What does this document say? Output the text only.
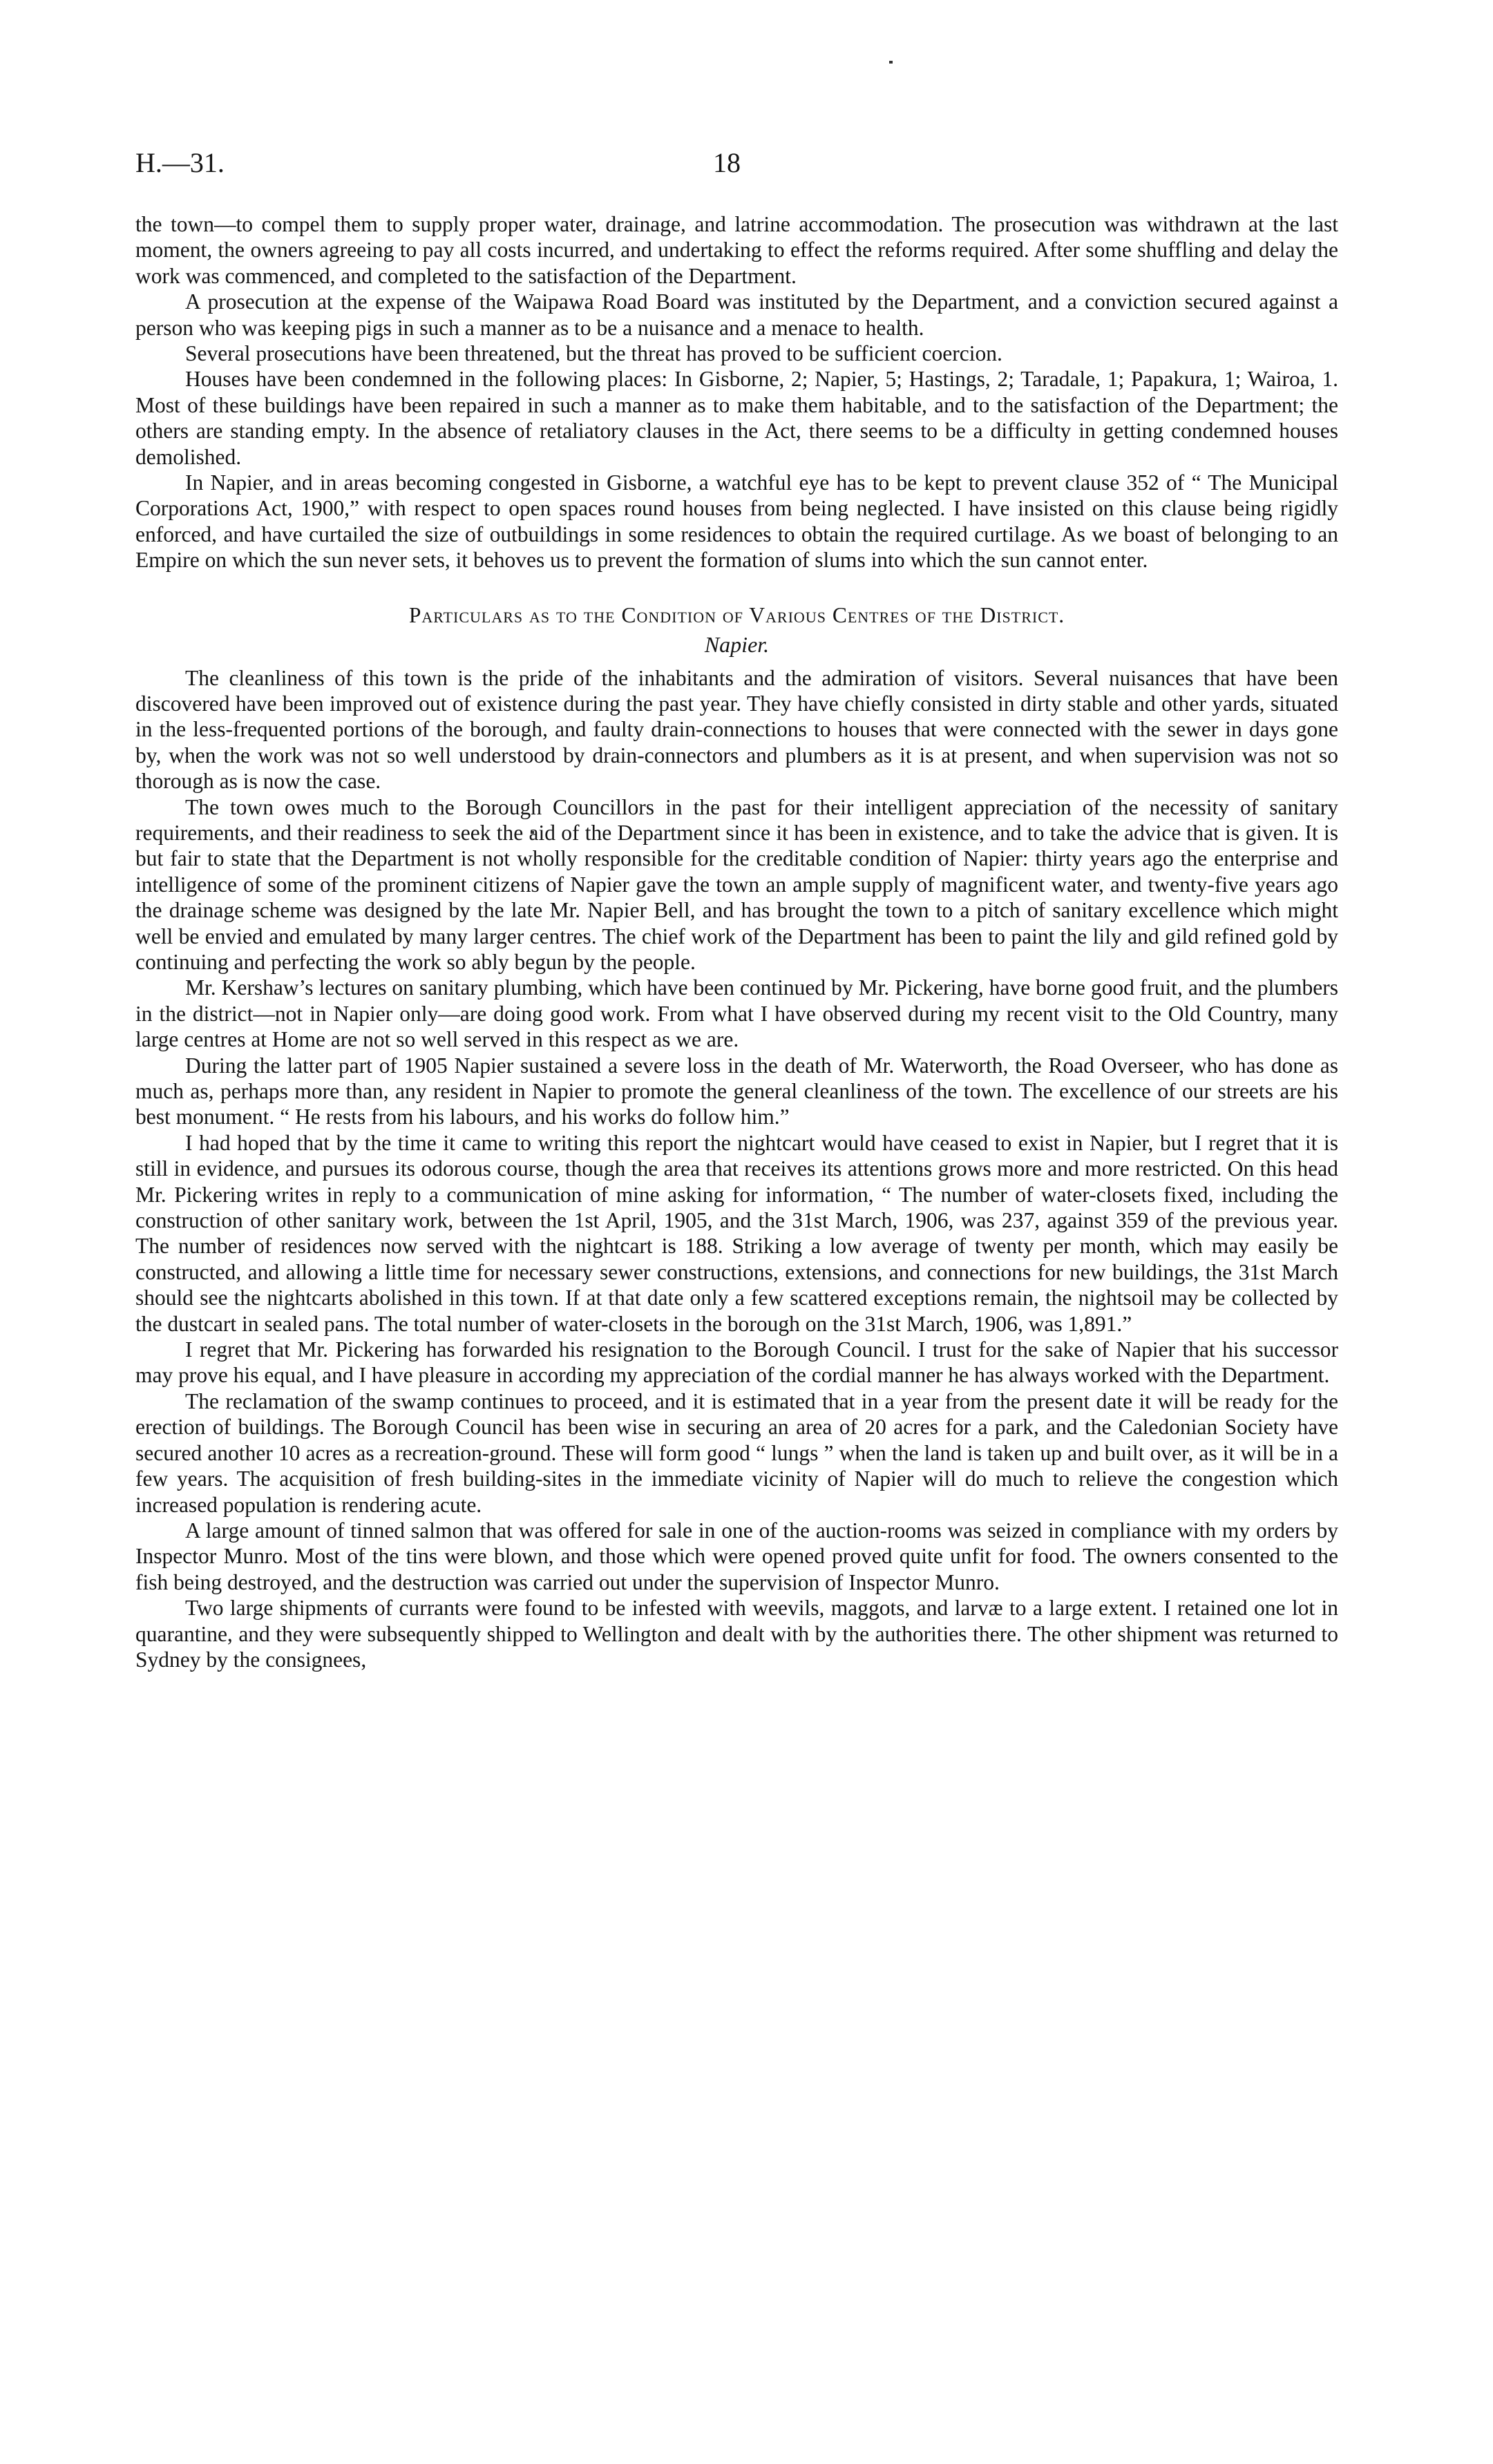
H.—31.	18

the town—to compel them to supply proper water, drainage, and latrine accommodation. The prosecution was withdrawn at the last moment, the owners agreeing to pay all costs incurred, and undertaking to effect the reforms required. After some shuffling and delay the work was commenced, and completed to the satisfaction of the Department.

A prosecution at the expense of the Waipawa Road Board was instituted by the Department, and a conviction secured against a person who was keeping pigs in such a manner as to be a nuisance and a menace to health.

Several prosecutions have been threatened, but the threat has proved to be sufficient coercion.

Houses have been condemned in the following places: In Gisborne, 2; Napier, 5; Hastings, 2; Taradale, 1; Papakura, 1; Wairoa, 1. Most of these buildings have been repaired in such a manner as to make them habitable, and to the satisfaction of the Department; the others are standing empty. In the absence of retaliatory clauses in the Act, there seems to be a difficulty in getting condemned houses demolished.

In Napier, and in areas becoming congested in Gisborne, a watchful eye has to be kept to prevent clause 352 of “ The Municipal Corporations Act, 1900,” with respect to open spaces round houses from being neglected. I have insisted on this clause being rigidly enforced, and have curtailed the size of outbuildings in some residences to obtain the required curtilage. As we boast of belonging to an Empire on which the sun never sets, it behoves us to prevent the formation of slums into which the sun cannot enter.

Particulars as to the Condition of Various Centres of the District.
Napier.

The cleanliness of this town is the pride of the inhabitants and the admiration of visitors. Several nuisances that have been discovered have been improved out of existence during the past year. They have chiefly consisted in dirty stable and other yards, situated in the less-frequented portions of the borough, and faulty drain-connections to houses that were connected with the sewer in days gone by, when the work was not so well understood by drain-connectors and plumbers as it is at present, and when supervision was not so thorough as is now the case.

The town owes much to the Borough Councillors in the past for their intelligent appreciation of the necessity of sanitary requirements, and their readiness to seek the aid of the Department since it has been in existence, and to take the advice that is given. It is but fair to state that the Department is not wholly responsible for the creditable condition of Napier: thirty years ago the enterprise and intelligence of some of the prominent citizens of Napier gave the town an ample supply of magnificent water, and twenty-five years ago the drainage scheme was designed by the late Mr. Napier Bell, and has brought the town to a pitch of sanitary excellence which might well be envied and emulated by many larger centres. The chief work of the Department has been to paint the lily and gild refined gold by continuing and perfecting the work so ably begun by the people.

Mr. Kershaw’s lectures on sanitary plumbing, which have been continued by Mr. Pickering, have borne good fruit, and the plumbers in the district—not in Napier only—are doing good work. From what I have observed during my recent visit to the Old Country, many large centres at Home are not so well served in this respect as we are.

During the latter part of 1905 Napier sustained a severe loss in the death of Mr. Waterworth, the Road Overseer, who has done as much as, perhaps more than, any resident in Napier to promote the general cleanliness of the town. The excellence of our streets are his best monument. “ He rests from his labours, and his works do follow him.”

I had hoped that by the time it came to writing this report the nightcart would have ceased to exist in Napier, but I regret that it is still in evidence, and pursues its odorous course, though the area that receives its attentions grows more and more restricted. On this head Mr. Pickering writes in reply to a communication of mine asking for information, “ The number of water-closets fixed, including the construction of other sanitary work, between the 1st April, 1905, and the 31st March, 1906, was 237, against 359 of the previous year. The number of residences now served with the nightcart is 188. Striking a low average of twenty per month, which may easily be constructed, and allowing a little time for necessary sewer constructions, extensions, and connections for new buildings, the 31st March should see the nightcarts abolished in this town. If at that date only a few scattered exceptions remain, the nightsoil may be collected by the dustcart in sealed pans. The total number of water-closets in the borough on the 31st March, 1906, was 1,891.”

I regret that Mr. Pickering has forwarded his resignation to the Borough Council. I trust for the sake of Napier that his successor may prove his equal, and I have pleasure in according my appreciation of the cordial manner he has always worked with the Department.

The reclamation of the swamp continues to proceed, and it is estimated that in a year from the present date it will be ready for the erection of buildings. The Borough Council has been wise in securing an area of 20 acres for a park, and the Caledonian Society have secured another 10 acres as a recreation-ground. These will form good “ lungs ” when the land is taken up and built over, as it will be in a few years. The acquisition of fresh building-sites in the immediate vicinity of Napier will do much to relieve the congestion which increased population is rendering acute.

A large amount of tinned salmon that was offered for sale in one of the auction-rooms was seized in compliance with my orders by Inspector Munro. Most of the tins were blown, and those which were opened proved quite unfit for food. The owners consented to the fish being destroyed, and the destruction was carried out under the supervision of Inspector Munro.

Two large shipments of currants were found to be infested with weevils, maggots, and larvæ to a large extent. I retained one lot in quarantine, and they were subsequently shipped to Wellington and dealt with by the authorities there. The other shipment was returned to Sydney by the consignees,
